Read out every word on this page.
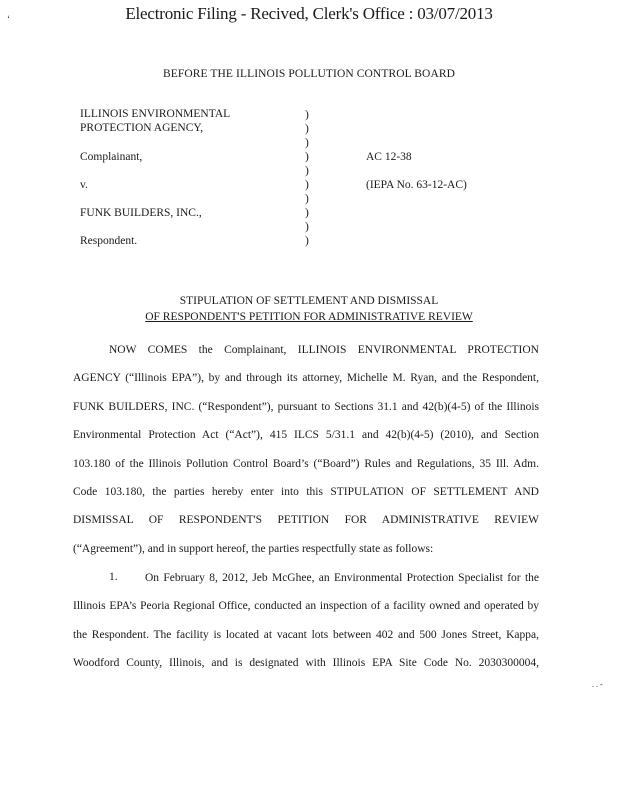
Electronic Filing - Recived, Clerk's Office : 03/07/2013
ʻ
BEFORE THE ILLINOIS POLLUTION CONTROL BOARD
ILLINOIS ENVIRONMENTAL
PROTECTION AGENCY,
Complainant,
v.
FUNK BUILDERS, INC.,
Respondent.
)
)
)
)
)
)
)
)
)
)
AC 12-38
(IEPA No. 63-12-AC)
STIPULATION OF SETTLEMENT AND DISMISSAL
OF RESPONDENT'S PETITION FOR ADMINISTRATIVE REVIEW
NOW COMES the Complainant, ILLINOIS ENVIRONMENTAL PROTECTION
AGENCY (“Illinois EPA”), by and through its attorney, Michelle M. Ryan, and the Respondent,
FUNK BUILDERS, INC. (“Respondent”), pursuant to Sections 31.1 and 42(b)(4-5) of the Illinois
Environmental Protection Act (“Act”), 415 ILCS 5/31.1 and 42(b)(4-5) (2010), and Section
103.180 of the Illinois Pollution Control Board’s (“Board”) Rules and Regulations, 35 Ill. Adm.
Code 103.180, the parties hereby enter into this STIPULATION OF SETTLEMENT AND
DISMISSAL OF RESPONDENT'S PETITION FOR ADMINISTRATIVE REVIEW
(“Agreement”), and in support hereof, the parties respectfully state as follows:
1.	On February 8, 2012, Jeb McGhee, an Environmental Protection Specialist for the
Illinois EPA’s Peoria Regional Office, conducted an inspection of a facility owned and operated by
the Respondent. The facility is located at vacant lots between 402 and 500 Jones Street, Kappa,
Woodford County, Illinois, and is designated with Illinois EPA Site Code No. 2030300004,
. . -
